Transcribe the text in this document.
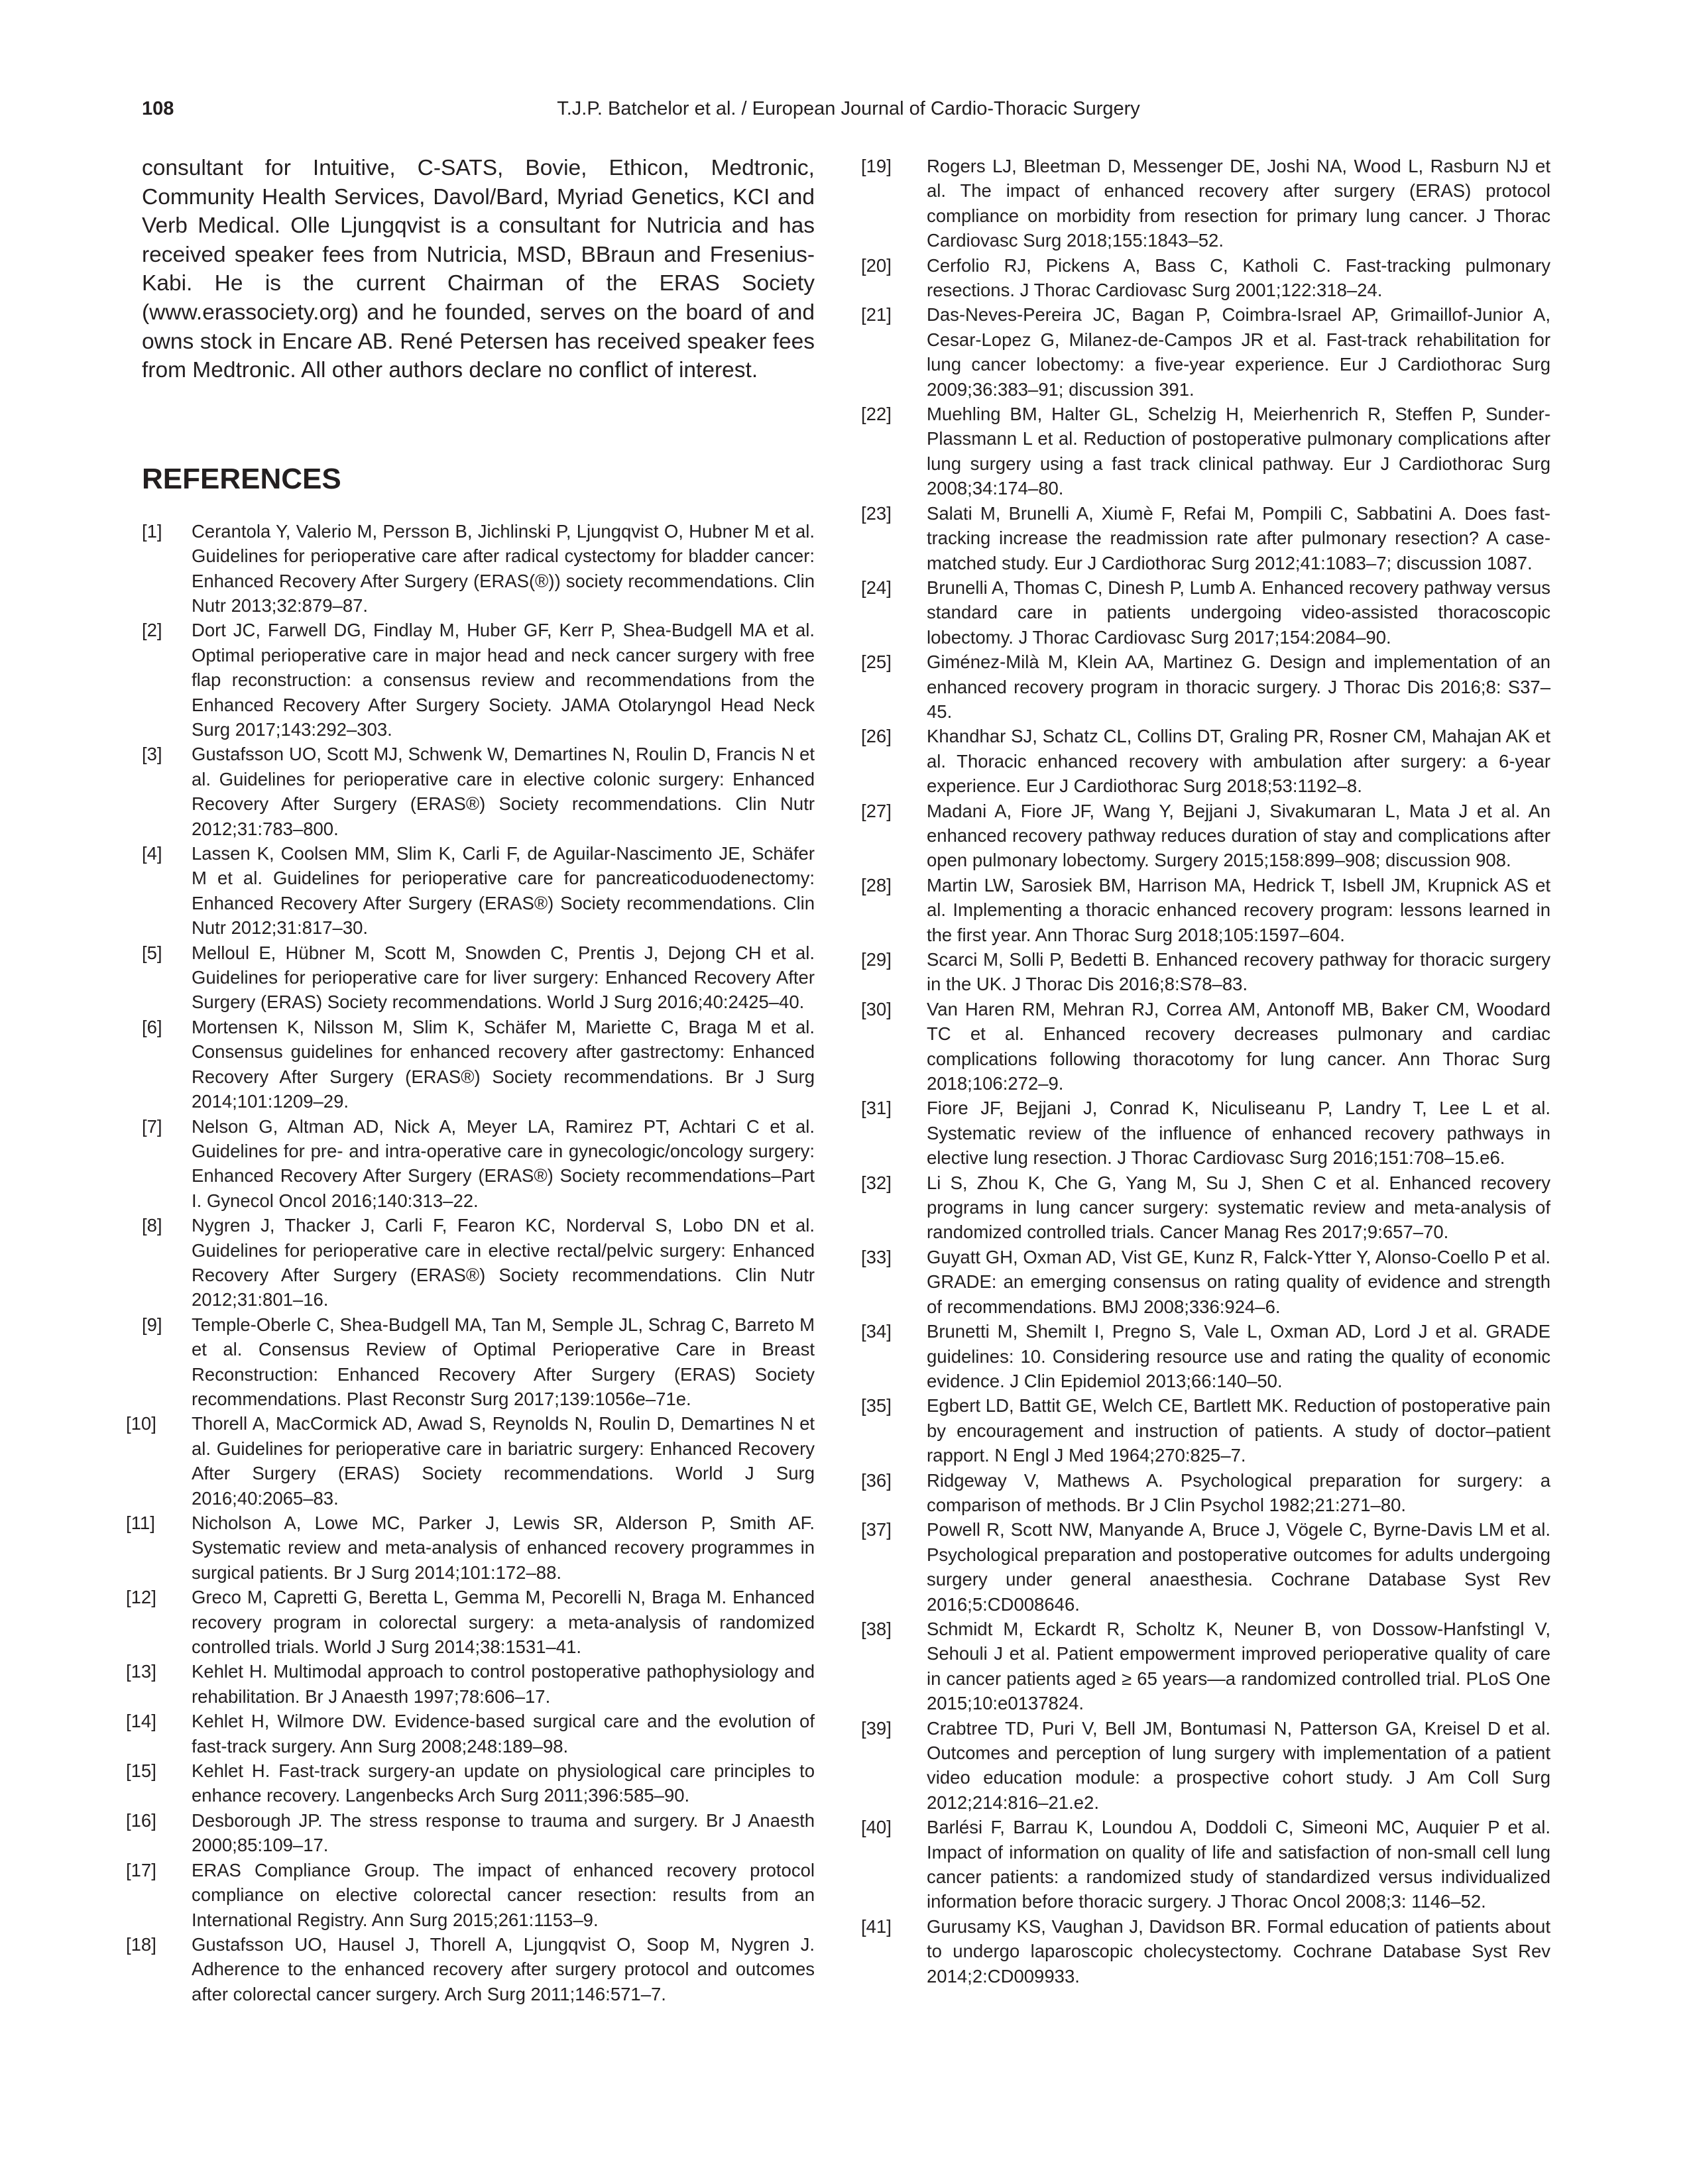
108	T.J.P. Batchelor et al. / European Journal of Cardio-Thoracic Surgery

consultant for Intuitive, C-SATS, Bovie, Ethicon, Medtronic, Community Health Services, Davol/Bard, Myriad Genetics, KCI and Verb Medical. Olle Ljungqvist is a consultant for Nutricia and has received speaker fees from Nutricia, MSD, BBraun and Fresenius-Kabi. He is the current Chairman of the ERAS Society (www.erassociety.org) and he founded, serves on the board of and owns stock in Encare AB. René Petersen has received speaker fees from Medtronic. All other authors declare no conflict of interest.

REFERENCES
[1] Cerantola Y, Valerio M, Persson B, Jichlinski P, Ljungqvist O, Hubner M et al. Guidelines for perioperative care after radical cystectomy for bladder cancer: Enhanced Recovery After Surgery (ERAS(®)) society recommendations. Clin Nutr 2013;32:879–87.
[2] Dort JC, Farwell DG, Findlay M, Huber GF, Kerr P, Shea-Budgell MA et al. Optimal perioperative care in major head and neck cancer surgery with free flap reconstruction: a consensus review and recommendations from the Enhanced Recovery After Surgery Society. JAMA Otolaryngol Head Neck Surg 2017;143:292–303.
[3] Gustafsson UO, Scott MJ, Schwenk W, Demartines N, Roulin D, Francis N et al. Guidelines for perioperative care in elective colonic surgery: Enhanced Recovery After Surgery (ERAS®) Society recommendations. Clin Nutr 2012;31:783–800.
[4] Lassen K, Coolsen MM, Slim K, Carli F, de Aguilar-Nascimento JE, Schäfer M et al. Guidelines for perioperative care for pancreaticoduodenectomy: Enhanced Recovery After Surgery (ERAS®) Society recommendations. Clin Nutr 2012;31:817–30.
[5] Melloul E, Hübner M, Scott M, Snowden C, Prentis J, Dejong CH et al. Guidelines for perioperative care for liver surgery: Enhanced Recovery After Surgery (ERAS) Society recommendations. World J Surg 2016;40:2425–40.
[6] Mortensen K, Nilsson M, Slim K, Schäfer M, Mariette C, Braga M et al. Consensus guidelines for enhanced recovery after gastrectomy: Enhanced Recovery After Surgery (ERAS®) Society recommendations. Br J Surg 2014;101:1209–29.
[7] Nelson G, Altman AD, Nick A, Meyer LA, Ramirez PT, Achtari C et al. Guidelines for pre- and intra-operative care in gynecologic/oncology surgery: Enhanced Recovery After Surgery (ERAS®) Society recommendations–Part I. Gynecol Oncol 2016;140:313–22.
[8] Nygren J, Thacker J, Carli F, Fearon KC, Norderval S, Lobo DN et al. Guidelines for perioperative care in elective rectal/pelvic surgery: Enhanced Recovery After Surgery (ERAS®) Society recommendations. Clin Nutr 2012;31:801–16.
[9] Temple-Oberle C, Shea-Budgell MA, Tan M, Semple JL, Schrag C, Barreto M et al. Consensus Review of Optimal Perioperative Care in Breast Reconstruction: Enhanced Recovery After Surgery (ERAS) Society recommendations. Plast Reconstr Surg 2017;139:1056e–71e.
[10] Thorell A, MacCormick AD, Awad S, Reynolds N, Roulin D, Demartines N et al. Guidelines for perioperative care in bariatric surgery: Enhanced Recovery After Surgery (ERAS) Society recommendations. World J Surg 2016;40:2065–83.
[11] Nicholson A, Lowe MC, Parker J, Lewis SR, Alderson P, Smith AF. Systematic review and meta-analysis of enhanced recovery programmes in surgical patients. Br J Surg 2014;101:172–88.
[12] Greco M, Capretti G, Beretta L, Gemma M, Pecorelli N, Braga M. Enhanced recovery program in colorectal surgery: a meta-analysis of randomized controlled trials. World J Surg 2014;38:1531–41.
[13] Kehlet H. Multimodal approach to control postoperative pathophysiology and rehabilitation. Br J Anaesth 1997;78:606–17.
[14] Kehlet H, Wilmore DW. Evidence-based surgical care and the evolution of fast-track surgery. Ann Surg 2008;248:189–98.
[15] Kehlet H. Fast-track surgery-an update on physiological care principles to enhance recovery. Langenbecks Arch Surg 2011;396:585–90.
[16] Desborough JP. The stress response to trauma and surgery. Br J Anaesth 2000;85:109–17.
[17] ERAS Compliance Group. The impact of enhanced recovery protocol compliance on elective colorectal cancer resection: results from an International Registry. Ann Surg 2015;261:1153–9.
[18] Gustafsson UO, Hausel J, Thorell A, Ljungqvist O, Soop M, Nygren J. Adherence to the enhanced recovery after surgery protocol and outcomes after colorectal cancer surgery. Arch Surg 2011;146:571–7.
[19] Rogers LJ, Bleetman D, Messenger DE, Joshi NA, Wood L, Rasburn NJ et al. The impact of enhanced recovery after surgery (ERAS) protocol compliance on morbidity from resection for primary lung cancer. J Thorac Cardiovasc Surg 2018;155:1843–52.
[20] Cerfolio RJ, Pickens A, Bass C, Katholi C. Fast-tracking pulmonary resections. J Thorac Cardiovasc Surg 2001;122:318–24.
[21] Das-Neves-Pereira JC, Bagan P, Coimbra-Israel AP, Grimaillof-Junior A, Cesar-Lopez G, Milanez-de-Campos JR et al. Fast-track rehabilitation for lung cancer lobectomy: a five-year experience. Eur J Cardiothorac Surg 2009;36:383–91; discussion 391.
[22] Muehling BM, Halter GL, Schelzig H, Meierhenrich R, Steffen P, Sunder-Plassmann L et al. Reduction of postoperative pulmonary complications after lung surgery using a fast track clinical pathway. Eur J Cardiothorac Surg 2008;34:174–80.
[23] Salati M, Brunelli A, Xiumè F, Refai M, Pompili C, Sabbatini A. Does fast-tracking increase the readmission rate after pulmonary resection? A case-matched study. Eur J Cardiothorac Surg 2012;41:1083–7; discussion 1087.
[24] Brunelli A, Thomas C, Dinesh P, Lumb A. Enhanced recovery pathway versus standard care in patients undergoing video-assisted thoracoscopic lobectomy. J Thorac Cardiovasc Surg 2017;154:2084–90.
[25] Giménez-Milà M, Klein AA, Martinez G. Design and implementation of an enhanced recovery program in thoracic surgery. J Thorac Dis 2016;8: S37–45.
[26] Khandhar SJ, Schatz CL, Collins DT, Graling PR, Rosner CM, Mahajan AK et al. Thoracic enhanced recovery with ambulation after surgery: a 6-year experience. Eur J Cardiothorac Surg 2018;53:1192–8.
[27] Madani A, Fiore JF, Wang Y, Bejjani J, Sivakumaran L, Mata J et al. An enhanced recovery pathway reduces duration of stay and complications after open pulmonary lobectomy. Surgery 2015;158:899–908; discussion 908.
[28] Martin LW, Sarosiek BM, Harrison MA, Hedrick T, Isbell JM, Krupnick AS et al. Implementing a thoracic enhanced recovery program: lessons learned in the first year. Ann Thorac Surg 2018;105:1597–604.
[29] Scarci M, Solli P, Bedetti B. Enhanced recovery pathway for thoracic surgery in the UK. J Thorac Dis 2016;8:S78–83.
[30] Van Haren RM, Mehran RJ, Correa AM, Antonoff MB, Baker CM, Woodard TC et al. Enhanced recovery decreases pulmonary and cardiac complications following thoracotomy for lung cancer. Ann Thorac Surg 2018;106:272–9.
[31] Fiore JF, Bejjani J, Conrad K, Niculiseanu P, Landry T, Lee L et al. Systematic review of the influence of enhanced recovery pathways in elective lung resection. J Thorac Cardiovasc Surg 2016;151:708–15.e6.
[32] Li S, Zhou K, Che G, Yang M, Su J, Shen C et al. Enhanced recovery programs in lung cancer surgery: systematic review and meta-analysis of randomized controlled trials. Cancer Manag Res 2017;9:657–70.
[33] Guyatt GH, Oxman AD, Vist GE, Kunz R, Falck-Ytter Y, Alonso-Coello P et al. GRADE: an emerging consensus on rating quality of evidence and strength of recommendations. BMJ 2008;336:924–6.
[34] Brunetti M, Shemilt I, Pregno S, Vale L, Oxman AD, Lord J et al. GRADE guidelines: 10. Considering resource use and rating the quality of economic evidence. J Clin Epidemiol 2013;66:140–50.
[35] Egbert LD, Battit GE, Welch CE, Bartlett MK. Reduction of postoperative pain by encouragement and instruction of patients. A study of doctor–patient rapport. N Engl J Med 1964;270:825–7.
[36] Ridgeway V, Mathews A. Psychological preparation for surgery: a comparison of methods. Br J Clin Psychol 1982;21:271–80.
[37] Powell R, Scott NW, Manyande A, Bruce J, Vögele C, Byrne-Davis LM et al. Psychological preparation and postoperative outcomes for adults undergoing surgery under general anaesthesia. Cochrane Database Syst Rev 2016;5:CD008646.
[38] Schmidt M, Eckardt R, Scholtz K, Neuner B, von Dossow-Hanfstingl V, Sehouli J et al. Patient empowerment improved perioperative quality of care in cancer patients aged ≥ 65 years—a randomized controlled trial. PLoS One 2015;10:e0137824.
[39] Crabtree TD, Puri V, Bell JM, Bontumasi N, Patterson GA, Kreisel D et al. Outcomes and perception of lung surgery with implementation of a patient video education module: a prospective cohort study. J Am Coll Surg 2012;214:816–21.e2.
[40] Barlési F, Barrau K, Loundou A, Doddoli C, Simeoni MC, Auquier P et al. Impact of information on quality of life and satisfaction of non-small cell lung cancer patients: a randomized study of standardized versus individualized information before thoracic surgery. J Thorac Oncol 2008;3: 1146–52.
[41] Gurusamy KS, Vaughan J, Davidson BR. Formal education of patients about to undergo laparoscopic cholecystectomy. Cochrane Database Syst Rev 2014;2:CD009933.
